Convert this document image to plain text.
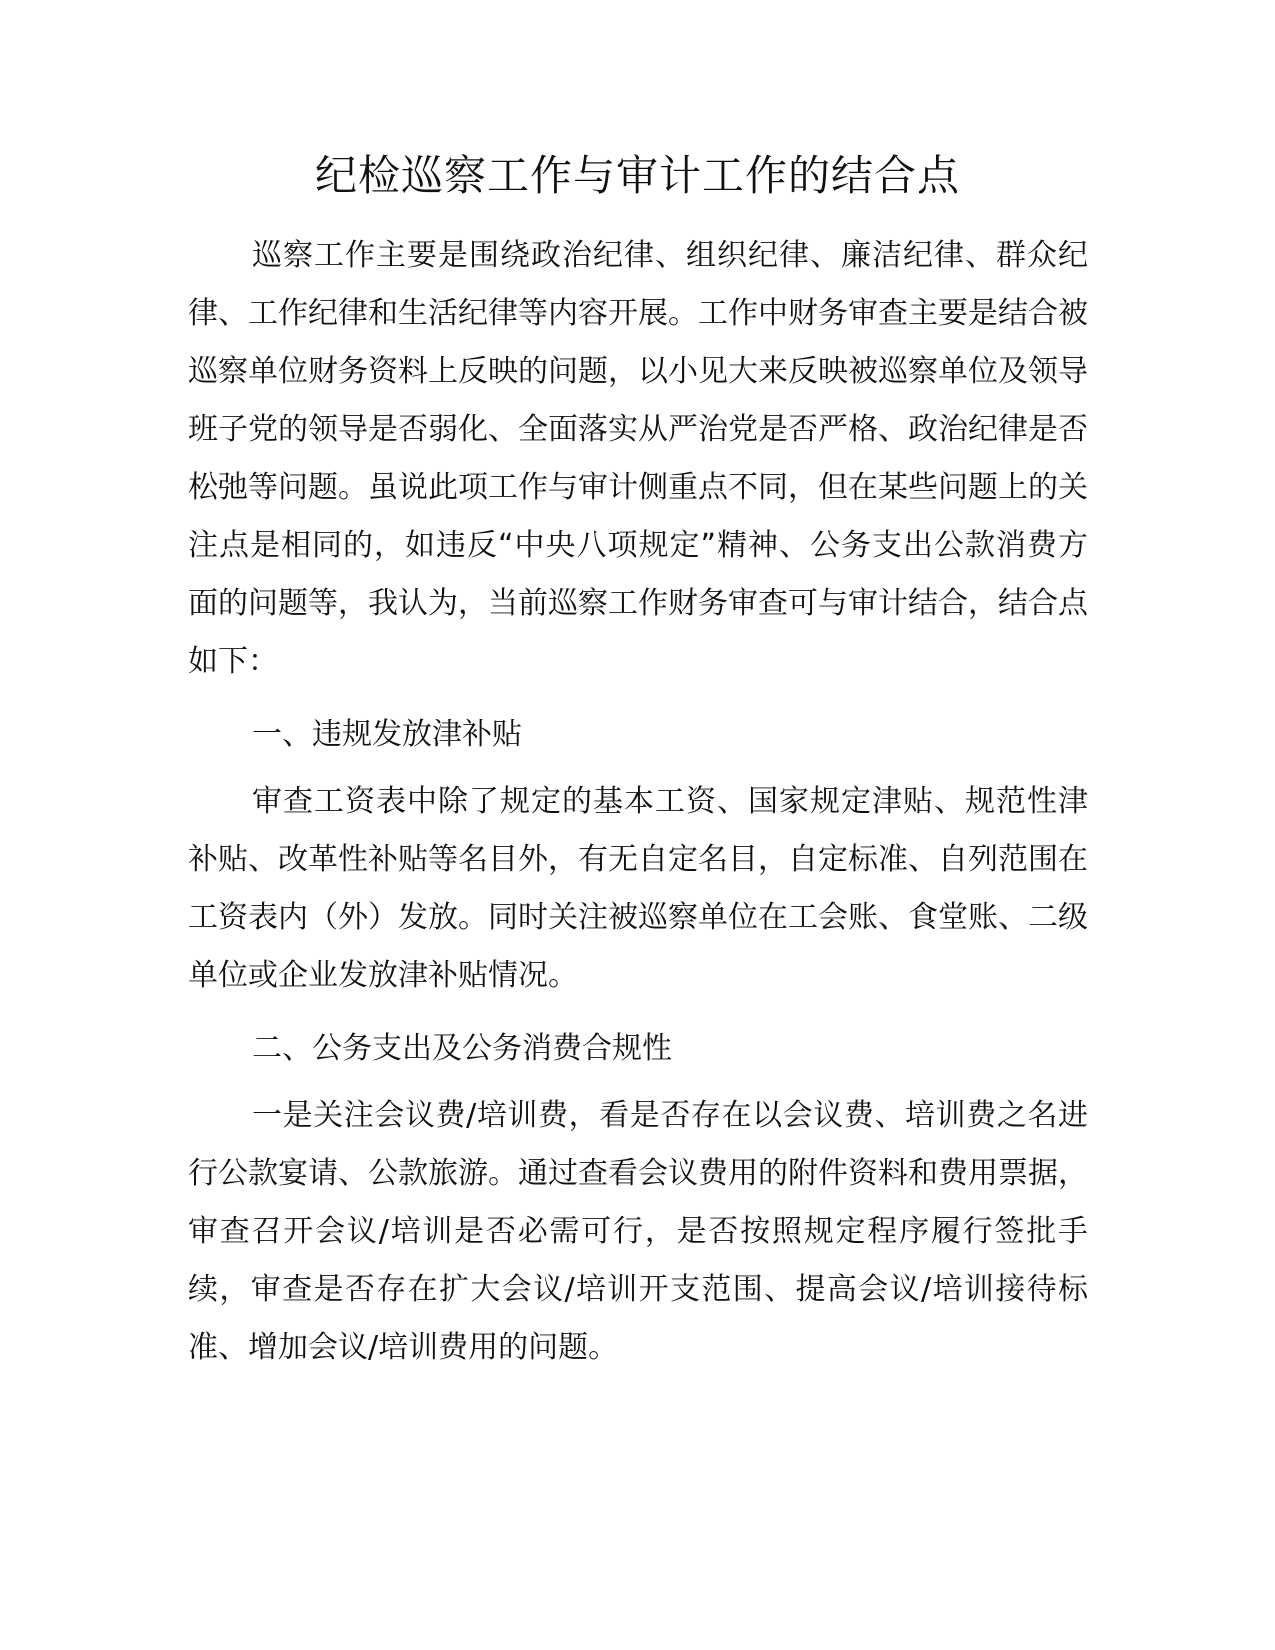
纪检巡察工作与审计工作的结合点

巡察工作主要是围绕政治纪律、组织纪律、廉洁纪律、群众纪律、工作纪律和生活纪律等内容开展。工作中财务审查主要是结合被巡察单位财务资料上反映的问题，以小见大来反映被巡察单位及领导班子党的领导是否弱化、全面落实从严治党是否严格、政治纪律是否松弛等问题。虽说此项工作与审计侧重点不同，但在某些问题上的关注点是相同的，如违反“中央八项规定”精神、公务支出公款消费方面的问题等，我认为，当前巡察工作财务审查可与审计结合，结合点如下：

一、违规发放津补贴

审查工资表中除了规定的基本工资、国家规定津贴、规范性津补贴、改革性补贴等名目外，有无自定名目，自定标准、自列范围在工资表内（外）发放。同时关注被巡察单位在工会账、食堂账、二级单位或企业发放津补贴情况。

二、公务支出及公务消费合规性

一是关注会议费/培训费，看是否存在以会议费、培训费之名进行公款宴请、公款旅游。通过查看会议费用的附件资料和费用票据，审查召开会议/培训是否必需可行，是否按照规定程序履行签批手续，审查是否存在扩大会议/培训开支范围、提高会议/培训接待标准、增加会议/培训费用的问题。
